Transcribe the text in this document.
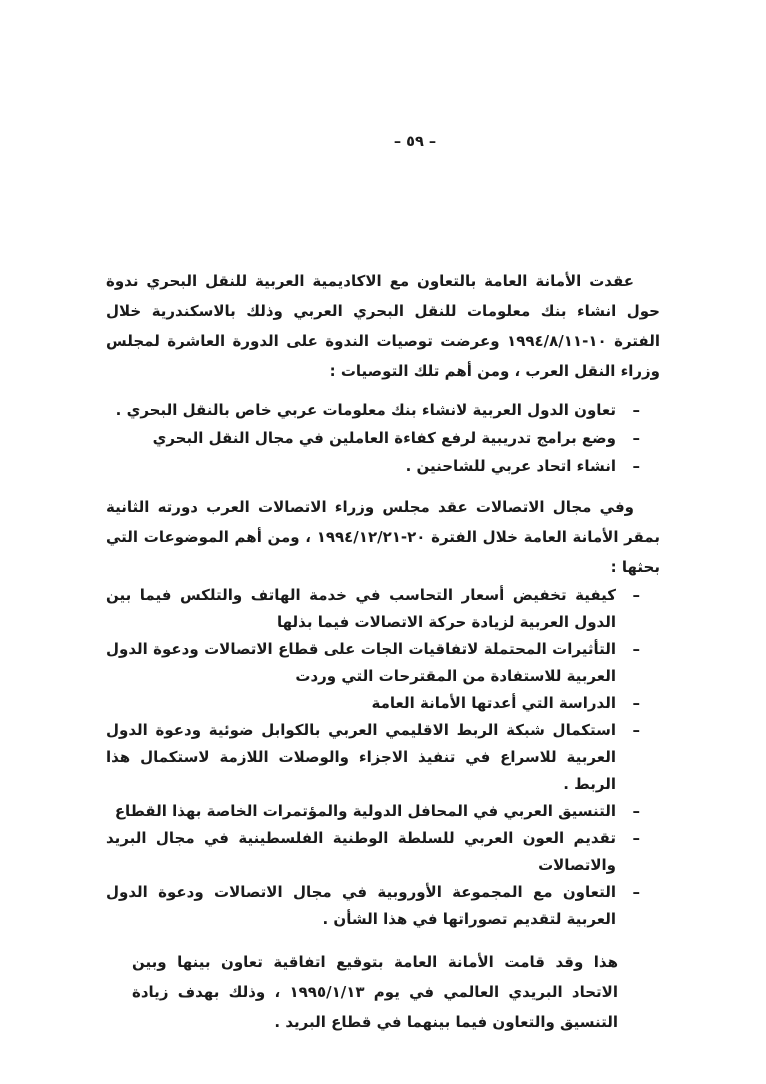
– ٥٩ –

عقدت الأمانة العامة بالتعاون مع الاكاديمية العربية للنقل البحري ندوة حول انشاء بنك معلومات للنقل البحري العربي وذلك بالاسكندرية خلال الفترة ١٠-١٩٩٤/٨/١١ وعرضت توصيات الندوة على الدورة العاشرة لمجلس وزراء النقل العرب ، ومن أهم تلك التوصيات :

–
تعاون الدول العربية لانشاء بنك معلومات عربي خاص بالنقل البحري .
–
وضع برامج تدريبية لرفع كفاءة العاملين في مجال النقل البحري
–
انشاء اتحاد عربي للشاحنين .

وفي مجال الاتصالات عقد مجلس وزراء الاتصالات العرب دورته الثانية بمقر الأمانة العامة خلال الفترة ٢٠-١٩٩٤/١٢/٢١ ، ومن أهم الموضوعات التي بحثها :

–
كيفية تخفيض أسعار التحاسب في خدمة الهاتف والتلكس فيما بين الدول العربية لزيادة حركة الاتصالات فيما بذلها
–
التأثيرات المحتملة لاتفاقيات الجات على قطاع الاتصالات ودعوة الدول العربية للاستفادة من المقترحات التي وردت
–
الدراسة التي أعدتها الأمانة العامة
–
استكمال شبكة الربط الاقليمي العربي بالكوابل ضوئية ودعوة الدول العربية للاسراع في تنفيذ الاجزاء والوصلات اللازمة لاستكمال هذا الربط .
–
التنسيق العربي في المحافل الدولية والمؤتمرات الخاصة بهذا القطاع
–
تقديم العون العربي للسلطة الوطنية الفلسطينية في مجال البريد والاتصالات
–
التعاون مع المجموعة الأوروبية في مجال الاتصالات ودعوة الدول العربية لتقديم تصوراتها في هذا الشأن .

هذا وقد قامت الأمانة العامة بتوقيع اتفاقية تعاون بينها وبين الاتحاد البريدي العالمي في يوم ١٩٩٥/١/١٣ ، وذلك بهدف زيادة التنسيق والتعاون فيما بينهما في قطاع البريد .
